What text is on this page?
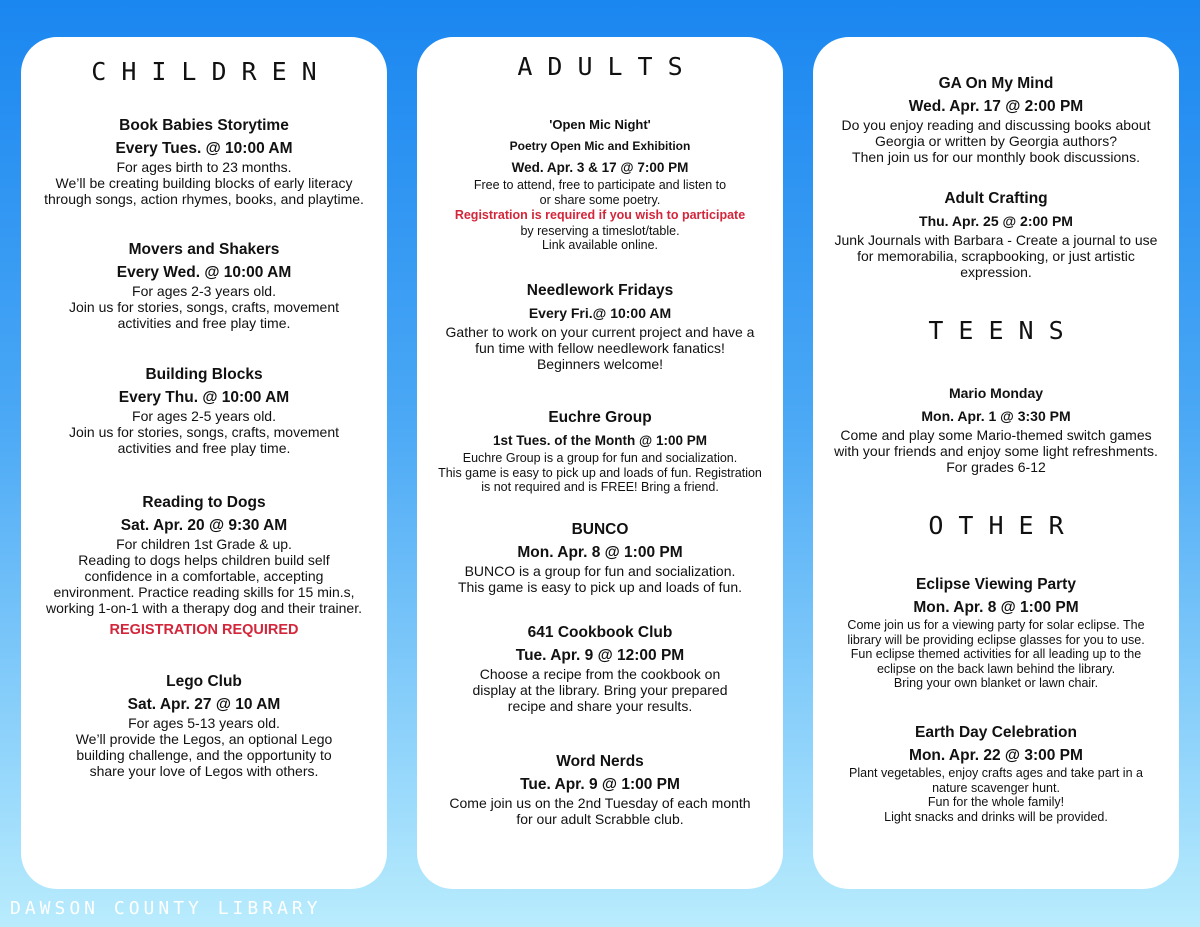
CHILDREN
Book Babies Storytime
Every Tues. @ 10:00 AM
For ages birth to 23 months.
We’ll be creating building blocks of early literacy
through songs, action rhymes, books, and playtime.
Movers and Shakers
Every Wed. @ 10:00 AM
For ages 2-3 years old.
Join us for stories, songs, crafts, movement
activities and free play time.
Building Blocks
Every Thu. @ 10:00 AM
For ages 2-5 years old.
Join us for stories, songs, crafts, movement
activities and free play time.
Reading to Dogs
Sat. Apr. 20 @ 9:30 AM
For children 1st Grade & up.
Reading to dogs helps children build self
confidence in a comfortable, accepting
environment. Practice reading skills for 15 min.s,
working 1-on-1 with a therapy dog and their trainer.
REGISTRATION REQUIRED
Lego Club
Sat. Apr. 27 @ 10 AM
For ages 5-13 years old.
We’ll provide the Legos, an optional Lego
building challenge, and the opportunity to
share your love of Legos with others.
ADULTS
'Open Mic Night'
Poetry Open Mic and Exhibition
Wed. Apr. 3 & 17 @ 7:00 PM
Free to attend, free to participate and listen to
or share some poetry.
Registration is required if you wish to participate
by reserving a timeslot/table.
Link available online.
Needlework Fridays
Every Fri.@ 10:00 AM
Gather to work on your current project and have a
fun time with fellow needlework fanatics!
Beginners welcome!
Euchre Group
1st Tues. of the Month @ 1:00 PM
Euchre Group is a group for fun and socialization.
This game is easy to pick up and loads of fun. Registration
is not required and is FREE! Bring a friend.
BUNCO
Mon. Apr. 8 @ 1:00 PM
BUNCO is a group for fun and socialization.
This game is easy to pick up and loads of fun.
641 Cookbook Club
Tue. Apr. 9 @ 12:00 PM
Choose a recipe from the cookbook on
display at the library. Bring your prepared
recipe and share your results.
Word Nerds
Tue. Apr. 9 @ 1:00 PM
Come join us on the 2nd Tuesday of each month
for our adult Scrabble club.
GA On My Mind
Wed. Apr. 17 @ 2:00 PM
Do you enjoy reading and discussing books about
Georgia or written by Georgia authors?
Then join us for our monthly book discussions.
Adult Crafting
Thu. Apr. 25 @ 2:00 PM
Junk Journals with Barbara - Create a journal to use
for memorabilia, scrapbooking, or just artistic
expression.
TEENS
Mario Monday
Mon. Apr. 1 @ 3:30 PM
Come and play some Mario-themed switch games
with your friends and enjoy some light refreshments.
For grades 6-12
OTHER
Eclipse Viewing Party
Mon. Apr. 8 @ 1:00 PM
Come join us for a viewing party for solar eclipse. The
library will be providing eclipse glasses for you to use.
Fun eclipse themed activities for all leading up to the
eclipse on the back lawn behind the library.
Bring your own blanket or lawn chair.
Earth Day Celebration
Mon. Apr. 22 @ 3:00 PM
Plant vegetables, enjoy crafts ages and take part in a
nature scavenger hunt.
Fun for the whole family!
Light snacks and drinks will be provided.
DAWSON COUNTY LIBRARY
